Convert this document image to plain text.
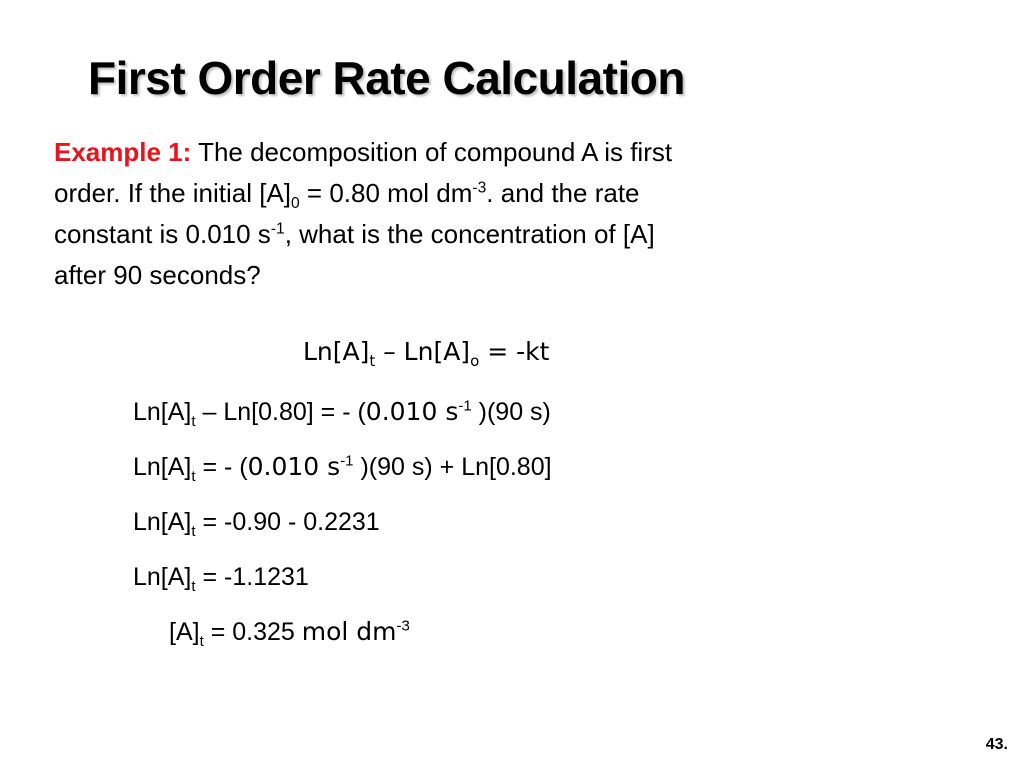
First Order Rate Calculation
Example 1: The decomposition of compound A is first
order. If the initial $[A]_0 = 0.80$ mol $dm^{-3}$. and the rate
constant is 0.010 $s^{-1}$, what is the concentration of [A]
after 90 seconds?
$Ln[A]_t - Ln[A]_o = -kt$
$Ln[A]_t - Ln[0.80]$ = - (0.010 $s^{-1}$ )(90 s)
$Ln[A]_t$ = - (0.010 $s^{-1}$ )(90 s) + Ln[0.80]
$Ln[A]_t = -0.90 - 0.2231$
$Ln[A]_t = -1.1231$
$[A]_t = 0.325$ mol $dm^{-3}$
43.
